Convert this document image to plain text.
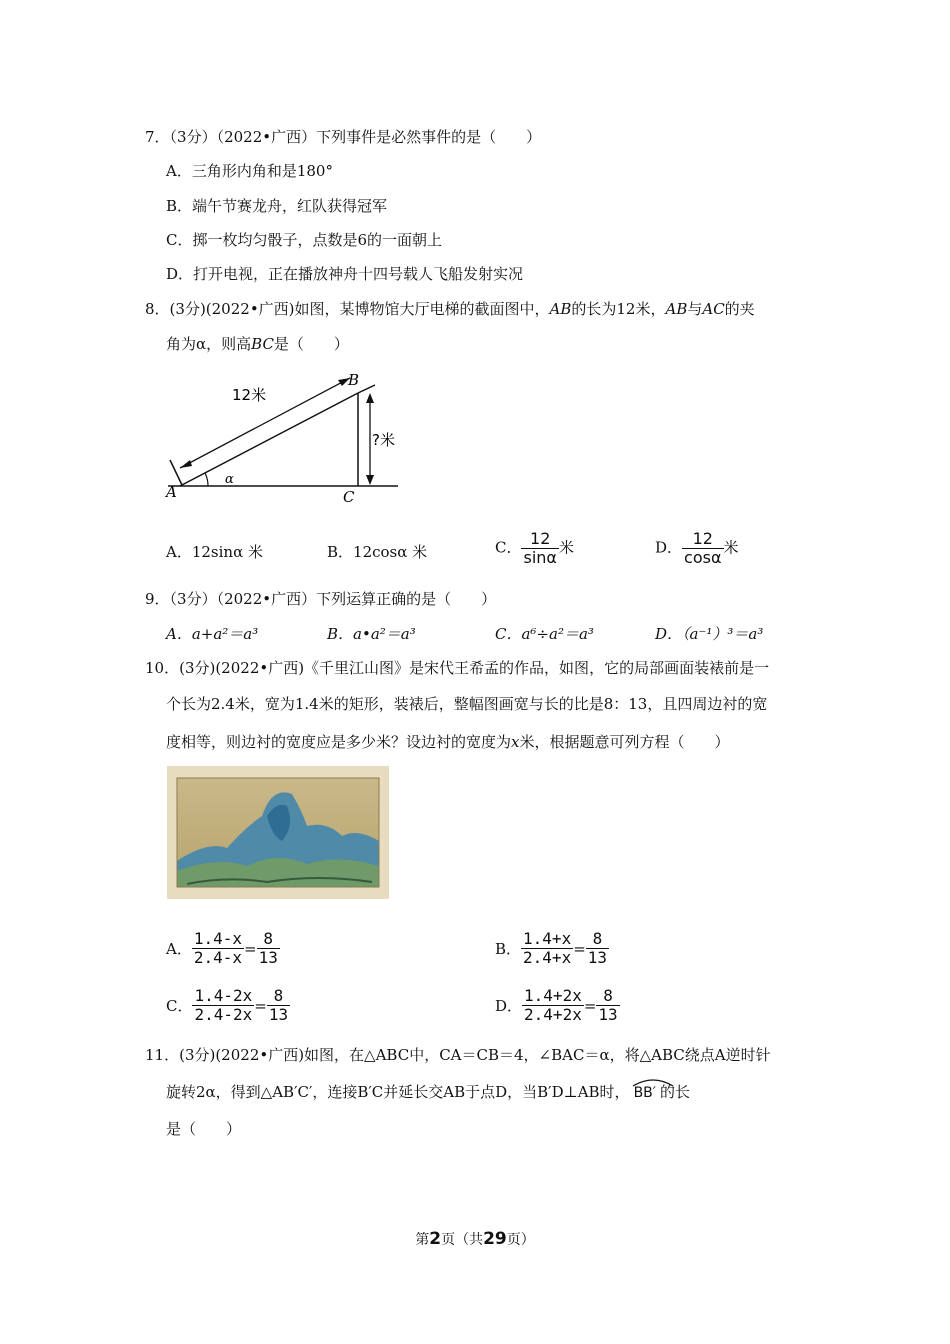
7．（3分）（2022•广西）下列事件是必然事件的是（　　）
A．三角形内角和是180°
B．端午节赛龙舟，红队获得冠军
C．掷一枚均匀骰子，点数是6的一面朝上
D．打开电视，正在播放神舟十四号载人飞船发射实况
8．(3分)(2022•广西)如图，某博物馆大厅电梯的截面图中，AB的长为12米，AB与AC的夹
角为α，则高BC是（　　）
12米
?米
A
B
C
α
A．12sinα 米	B．12cosα 米	C． $\frac{12}{\sin\alpha}$ 米	D． $\frac{12}{\cos\alpha}$ 米
9．（3分）（2022•广西）下列运算正确的是（　　）
A．a+a²＝a³	B．a•a²＝a³	C．a⁶÷a²＝a³	D．（a⁻¹）³＝a³
10．(3分)(2022•广西)《千里江山图》是宋代王希孟的作品，如图，它的局部画面装裱前是一
个长为2.4米，宽为1.4米的矩形，装裱后，整幅图画宽与长的比是8：13，且四周边衬的宽
度相等，则边衬的宽度应是多少米？设边衬的宽度为x米，根据题意可列方程（　　）
A． $\frac{1.4-x}{2.4-x} = \frac{8}{13}$	B． $\frac{1.4+x}{2.4+x} = \frac{8}{13}$
C． $\frac{1.4-2x}{2.4-2x} = \frac{8}{13}$	D． $\frac{1.4+2x}{2.4+2x} = \frac{8}{13}$
11．(3分)(2022•广西)如图，在△ABC中，CA＝CB＝4，∠BAC＝α，将△ABC绕点A逆时针
旋转2α，得到△AB′C′，连接B′C并延长交AB于点D，当B′D⊥AB时， BB′ 的长
是（　　）
第2页（共29页）
